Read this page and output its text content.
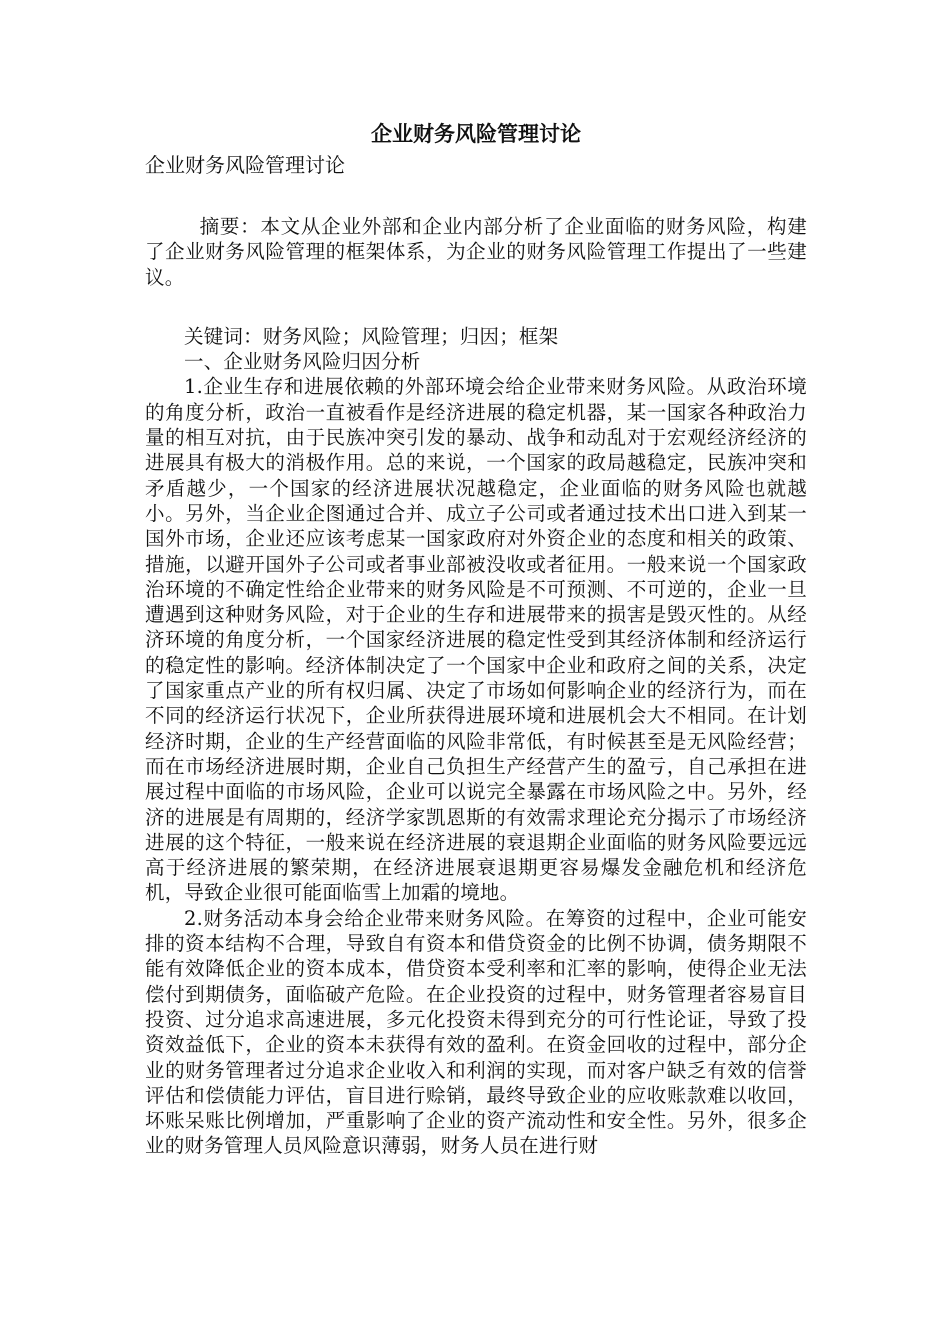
企业财务风险管理讨论

企业财务风险管理讨论

摘要：本文从企业外部和企业内部分析了企业面临的财务风险，构建了企业财务风险管理的框架体系，为企业的财务风险管理工作提出了一些建议。

关键词：财务风险；风险管理；归因；框架

一、企业财务风险归因分析

1.企业生存和进展依赖的外部环境会给企业带来财务风险。从政治环境的角度分析，政治一直被看作是经济进展的稳定机器，某一国家各种政治力量的相互对抗，由于民族冲突引发的暴动、战争和动乱对于宏观经济经济的进展具有极大的消极作用。总的来说，一个国家的政局越稳定，民族冲突和矛盾越少，一个国家的经济进展状况越稳定，企业面临的财务风险也就越小。另外，当企业企图通过合并、成立子公司或者通过技术出口进入到某一国外市场，企业还应该考虑某一国家政府对外资企业的态度和相关的政策、措施，以避开国外子公司或者事业部被没收或者征用。一般来说一个国家政治环境的不确定性给企业带来的财务风险是不可预测、不可逆的，企业一旦遭遇到这种财务风险，对于企业的生存和进展带来的损害是毁灭性的。从经济环境的角度分析，一个国家经济进展的稳定性受到其经济体制和经济运行的稳定性的影响。经济体制决定了一个国家中企业和政府之间的关系，决定了国家重点产业的所有权归属、决定了市场如何影响企业的经济行为，而在不同的经济运行状况下，企业所获得进展环境和进展机会大不相同。在计划经济时期，企业的生产经营面临的风险非常低，有时候甚至是无风险经营；而在市场经济进展时期，企业自己负担生产经营产生的盈亏，自己承担在进展过程中面临的市场风险，企业可以说完全暴露在市场风险之中。另外，经济的进展是有周期的，经济学家凯恩斯的有效需求理论充分揭示了市场经济进展的这个特征，一般来说在经济进展的衰退期企业面临的财务风险要远远高于经济进展的繁荣期，在经济进展衰退期更容易爆发金融危机和经济危机，导致企业很可能面临雪上加霜的境地。

2.财务活动本身会给企业带来财务风险。在筹资的过程中，企业可能安排的资本结构不合理，导致自有资本和借贷资金的比例不协调，债务期限不能有效降低企业的资本成本，借贷资本受利率和汇率的影响，使得企业无法偿付到期债务，面临破产危险。在企业投资的过程中，财务管理者容易盲目投资、过分追求高速进展，多元化投资未得到充分的可行性论证，导致了投资效益低下，企业的资本未获得有效的盈利。在资金回收的过程中，部分企业的财务管理者过分追求企业收入和利润的实现，而对客户缺乏有效的信誉评估和偿债能力评估，盲目进行赊销，最终导致企业的应收账款难以收回，坏账呆账比例增加，严重影响了企业的资产流动性和安全性。另外，很多企业的财务管理人员风险意识薄弱，财务人员在进行财
